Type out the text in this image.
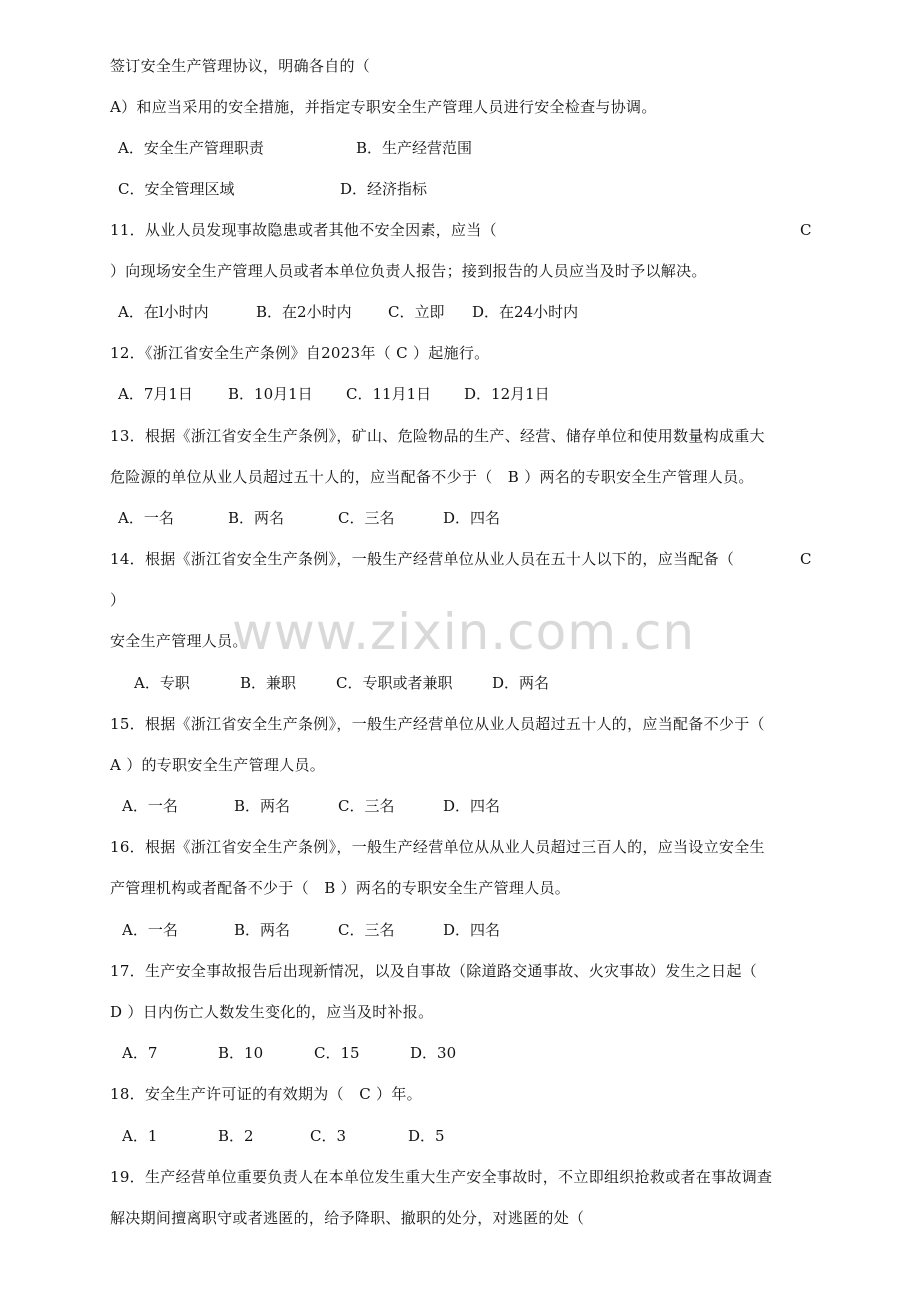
签订安全生产管理协议，明确各自的（
A）和应当采用的安全措施，并指定专职安全生产管理人员进行安全检查与协调。
A．安全生产管理职责	B．生产经营范围
C．安全管理区域	D．经济指标
11．从业人员发现事故隐患或者其他不安全因素，应当（	C
）向现场安全生产管理人员或者本单位负责人报告；接到报告的人员应当及时予以解决。
A．在l小时内	B．在2小时内 C．立即 D．在24小时内
12．《浙江省安全生产条例》自2023年（ C ）起施行。
A．7月1日 B．10月1日 C．11月1日 D．12月1日
13．根据《浙江省安全生产条例》，矿山、危险物品的生产、经营、储存单位和使用数量构成重大
危险源的单位从业人员超过五十人的，应当配备不少于（　B ）两名的专职安全生产管理人员。
A．一名	B．两名	C．三名	D．四名
14．根据《浙江省安全生产条例》，一般生产经营单位从业人员在五十人以下的，应当配备（	C
）
安全生产管理人员。
A．专职	B．兼职	C．专职或者兼职	D．两名
15．根据《浙江省安全生产条例》，一般生产经营单位从业人员超过五十人的，应当配备不少于（
A ）的专职安全生产管理人员。
A．一名	B．两名	C．三名	D．四名
16．根据《浙江省安全生产条例》，一般生产经营单位从从业人员超过三百人的，应当设立安全生
产管理机构或者配备不少于（　B ）两名的专职安全生产管理人员。
A．一名	B．两名	C．三名	D．四名
17．生产安全事故报告后出现新情况，以及自事故（除道路交通事故、火灾事故）发生之日起（
D ）日内伤亡人数发生变化的，应当及时补报。
A．7	B．10	C．15	D．30
18．安全生产许可证的有效期为（　C ）年。
A．1	B．2	C．3	D．5
19．生产经营单位重要负责人在本单位发生重大生产安全事故时，不立即组织抢救或者在事故调查
解决期间擅离职守或者逃匿的，给予降职、撤职的处分，对逃匿的处（
www.zixin.com.cn
